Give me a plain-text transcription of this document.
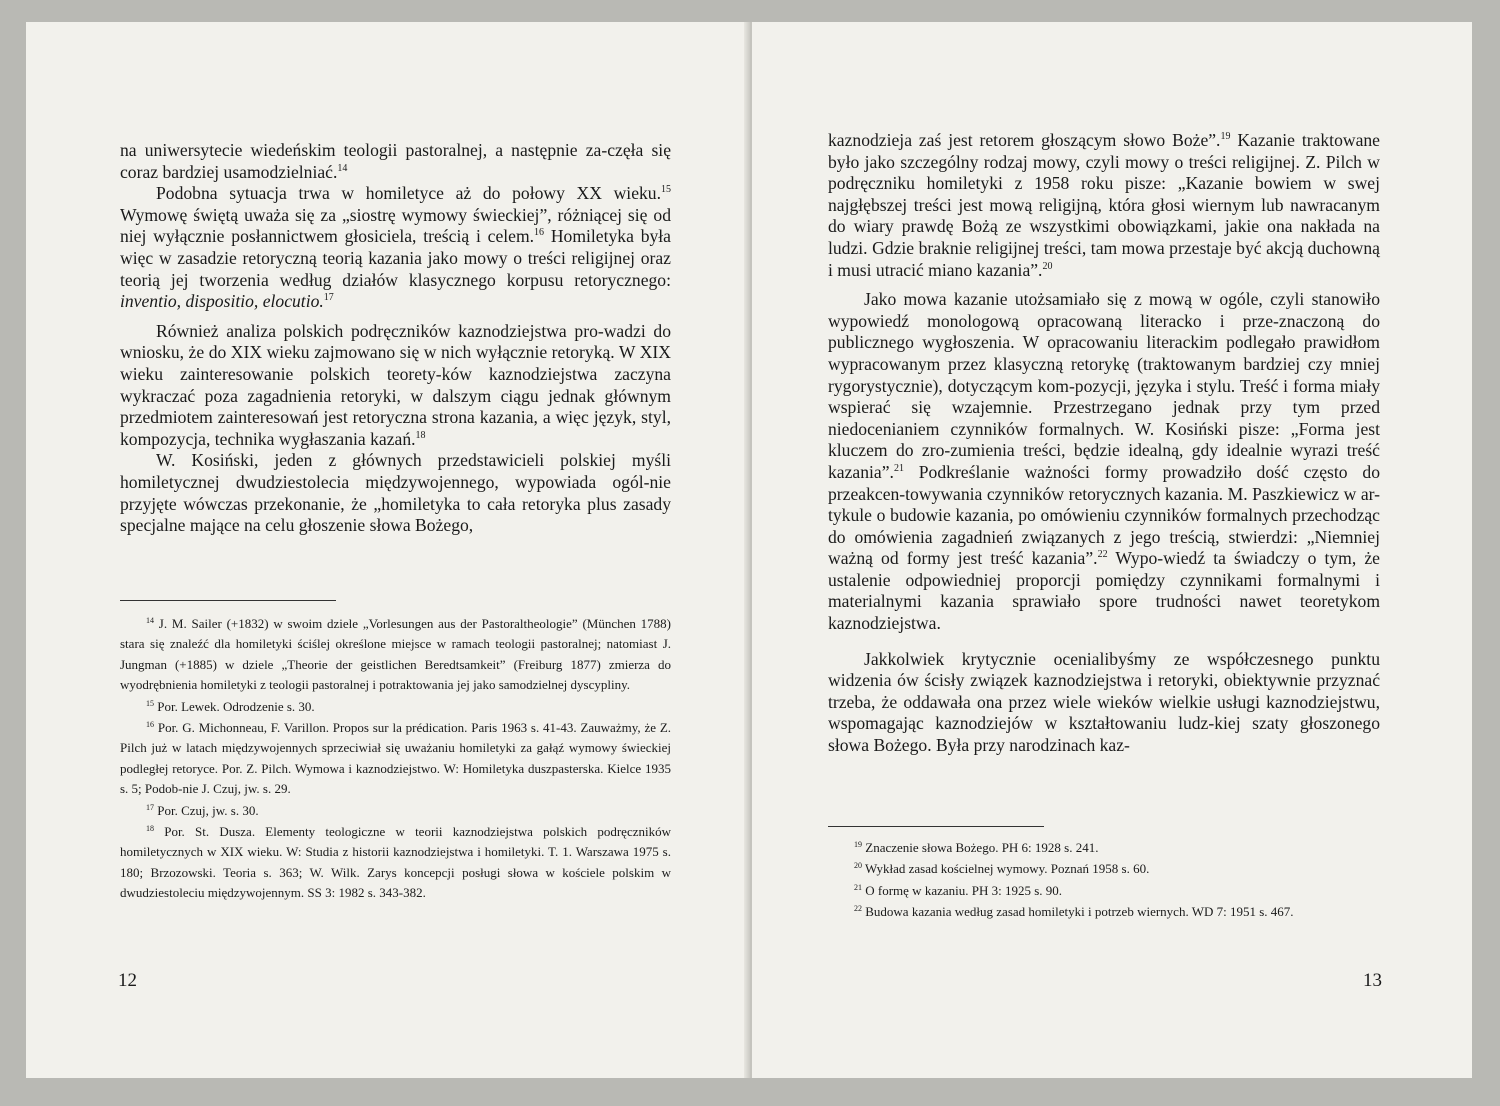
na uniwersytecie wiedeńskim teologii pastoralnej, a następnie za-częła się coraz bardziej usamodzielniać.$^{14}$

Podobna sytuacja trwa w homiletyce aż do połowy XX wieku.$^{15}$ Wymowę świętą uważa się za „siostrę wymowy świeckiej”, różniącej się od niej wyłącznie posłannictwem głosiciela, treścią i celem.$^{16}$ Homiletyka była więc w zasadzie retoryczną teorią kazania jako mowy o treści religijnej oraz teorią jej tworzenia według działów klasycznego korpusu retorycznego: inventio, dispositio, elocutio.$^{17}$

Również analiza polskich podręczników kaznodziejstwa pro-wadzi do wniosku, że do XIX wieku zajmowano się w nich wyłącznie retoryką. W XIX wieku zainteresowanie polskich teorety-ków kaznodziejstwa zaczyna wykraczać poza zagadnienia retoryki, w dalszym ciągu jednak głównym przedmiotem zainteresowań jest retoryczna strona kazania, a więc język, styl, kompozycja, technika wygłaszania kazań.$^{18}$

W. Kosiński, jeden z głównych przedstawicieli polskiej myśli homiletycznej dwudziestolecia międzywojennego, wypowiada ogól-nie przyjęte wówczas przekonanie, że „homiletyka to cała retoryka plus zasady specjalne mające na celu głoszenie słowa Bożego,

$^{14}$ J. M. Sailer (+1832) w swoim dziele „Vorlesungen aus der Pastoraltheologie” (München 1788) stara się znaleźć dla homiletyki ściślej określone miejsce w ramach teologii pastoralnej; natomiast J. Jungman (+1885) w dziele „Theorie der geistlichen Beredtsamkeit” (Freiburg 1877) zmierza do wyodrębnienia homiletyki z teologii pastoralnej i potraktowania jej jako samodzielnej dyscypliny.

$^{15}$ Por. Lewek. Odrodzenie s. 30.

$^{16}$ Por. G. Michonneau, F. Varillon. Propos sur la prédication. Paris 1963 s. 41-43. Zauważmy, że Z. Pilch już w latach międzywojennych sprzeciwiał się uważaniu homiletyki za gałąź wymowy świeckiej podległej retoryce. Por. Z. Pilch. Wymowa i kaznodziejstwo. W: Homiletyka duszpasterska. Kielce 1935 s. 5; Podob-nie J. Czuj, jw. s. 29.

$^{17}$ Por. Czuj, jw. s. 30.

$^{18}$ Por. St. Dusza. Elementy teologiczne w teorii kaznodziejstwa polskich podręczników homiletycznych w XIX wieku. W: Studia z historii kaznodziejstwa i homiletyki. T. 1. Warszawa 1975 s. 180; Brzozowski. Teoria s. 363; W. Wilk. Zarys koncepcji posługi słowa w kościele polskim w dwudziestoleciu międzywojennym. SS 3: 1982 s. 343-382.

12

kaznodzieja zaś jest retorem głoszącym słowo Boże”.$^{19}$ Kazanie traktowane było jako szczególny rodzaj mowy, czyli mowy o treści religijnej. Z. Pilch w podręczniku homiletyki z 1958 roku pisze: „Kazanie bowiem w swej najgłębszej treści jest mową religijną, która głosi wiernym lub nawracanym do wiary prawdę Bożą ze wszystkimi obowiązkami, jakie ona nakłada na ludzi. Gdzie braknie religijnej treści, tam mowa przestaje być akcją duchowną i musi utracić miano kazania”.$^{20}$

Jako mowa kazanie utożsamiało się z mową w ogóle, czyli stanowiło wypowiedź monologową opracowaną literacko i prze-znaczoną do publicznego wygłoszenia. W opracowaniu literackim podlegało prawidłom wypracowanym przez klasyczną retorykę (traktowanym bardziej czy mniej rygorystycznie), dotyczącym kom-pozycji, języka i stylu. Treść i forma miały wspierać się wzajemnie. Przestrzegano jednak przy tym przed niedocenianiem czynników formalnych. W. Kosiński pisze: „Forma jest kluczem do zro-zumienia treści, będzie idealną, gdy idealnie wyrazi treść kazania”.$^{21}$ Podkreślanie ważności formy prowadziło dość często do przeakcen-towywania czynników retorycznych kazania. M. Paszkiewicz w ar-tykule o budowie kazania, po omówieniu czynników formalnych przechodząc do omówienia zagadnień związanych z jego treścią, stwierdzi: „Niemniej ważną od formy jest treść kazania”.$^{22}$ Wypo-wiedź ta świadczy o tym, że ustalenie odpowiedniej proporcji pomiędzy czynnikami formalnymi i materialnymi kazania sprawiało spore trudności nawet teoretykom kaznodziejstwa.

Jakkolwiek krytycznie ocenialibyśmy ze współczesnego punktu widzenia ów ścisły związek kaznodziejstwa i retoryki, obiektywnie przyznać trzeba, że oddawała ona przez wiele wieków wielkie usługi kaznodziejstwu, wspomagając kaznodziejów w kształtowaniu ludz-kiej szaty głoszonego słowa Bożego. Była przy narodzinach kaz-

$^{19}$ Znaczenie słowa Bożego. PH 6: 1928 s. 241.

$^{20}$ Wykład zasad kościelnej wymowy. Poznań 1958 s. 60.

$^{21}$ O formę w kazaniu. PH 3: 1925 s. 90.

$^{22}$ Budowa kazania według zasad homiletyki i potrzeb wiernych. WD 7: 1951 s. 467.

13
